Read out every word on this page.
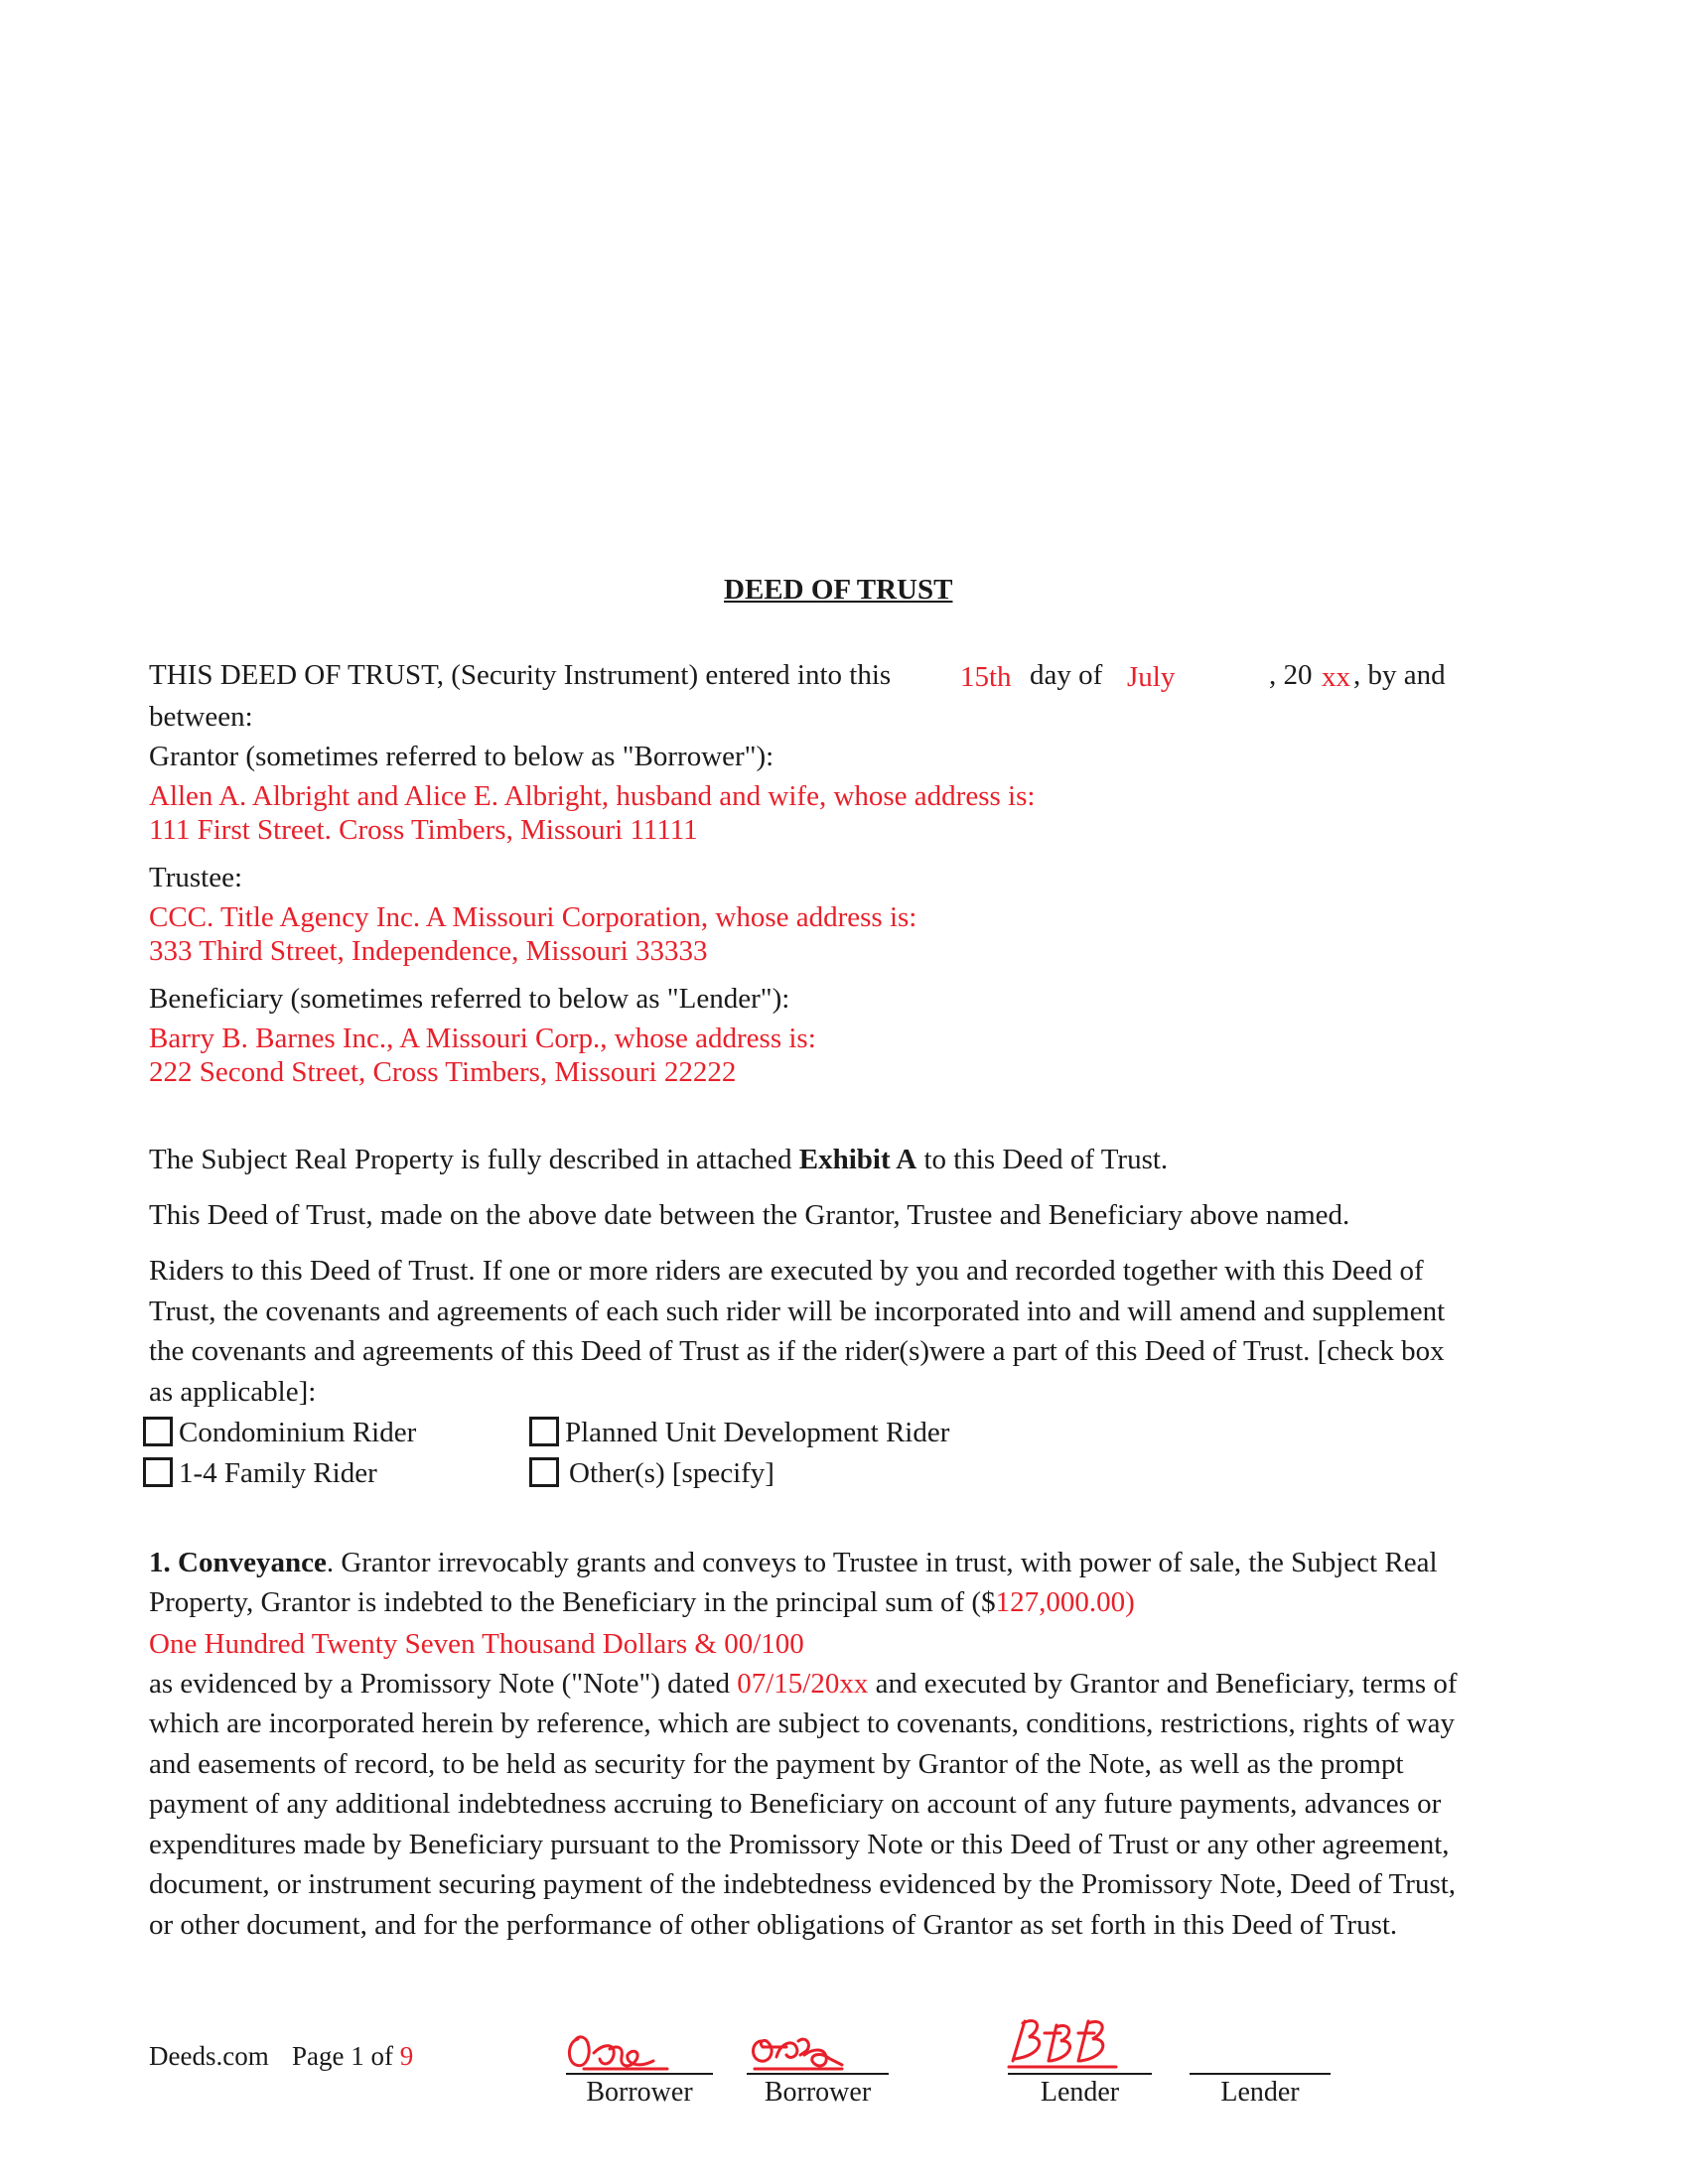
DEED OF TRUST
THIS DEED OF TRUST, (Security Instrument) entered into this 15th day of July	, 20 xx , by and
between:
Grantor (sometimes referred to below as "Borrower"):
Allen A. Albright and Alice E. Albright, husband and wife, whose address is:
111 First Street. Cross Timbers, Missouri 11111
Trustee:
CCC. Title Agency Inc. A Missouri Corporation, whose address is:
333 Third Street, Independence, Missouri 33333
Beneficiary (sometimes referred to below as "Lender"):
Barry B. Barnes Inc., A Missouri Corp., whose address is:
222 Second Street, Cross Timbers, Missouri 22222
The Subject Real Property is fully described in attached Exhibit A to this Deed of Trust.
This Deed of Trust, made on the above date between the Grantor, Trustee and Beneficiary above named.
Riders to this Deed of Trust. If one or more riders are executed by you and recorded together with this Deed of
Trust, the covenants and agreements of each such rider will be incorporated into and will amend and supplement
the covenants and agreements of this Deed of Trust as if the rider(s)were a part of this Deed of Trust. [check box
as applicable]:
Condominium Rider	Planned Unit Development Rider
1-4 Family Rider	Other(s) [specify]
1. Conveyance. Grantor irrevocably grants and conveys to Trustee in trust, with power of sale, the Subject Real
Property, Grantor is indebted to the Beneficiary in the principal sum of ($127,000.00)
One Hundred Twenty Seven Thousand Dollars & 00/100
as evidenced by a Promissory Note ("Note") dated 07/15/20xx and executed by Grantor and Beneficiary, terms of
which are incorporated herein by reference, which are subject to covenants, conditions, restrictions, rights of way
and easements of record, to be held as security for the payment by Grantor of the Note, as well as the prompt
payment of any additional indebtedness accruing to Beneficiary on account of any future payments, advances or
expenditures made by Beneficiary pursuant to the Promissory Note or this Deed of Trust or any other agreement,
document, or instrument securing payment of the indebtedness evidenced by the Promissory Note, Deed of Trust,
or other document, and for the performance of other obligations of Grantor as set forth in this Deed of Trust.
Deeds.com Page 1 of 9
Borrower	Borrower	Lender	Lender
